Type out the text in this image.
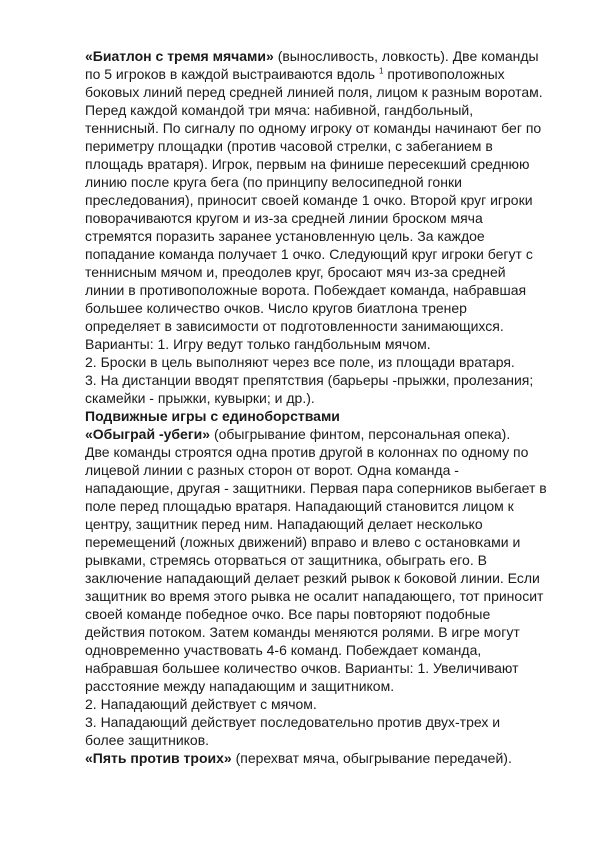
«Биатлон с тремя мячами» (выносливость, ловкость). Две команды
по 5 игроков в каждой выстраиваются вдоль $^1$ противоположных
боковых линий перед средней линией поля, лицом к разным воротам.
Перед каждой командой три мяча: набивной, гандбольный,
теннисный. По сигналу по одному игроку от команды начинают бег по
периметру площадки (против часовой стрелки, с забеганием в
площадь вратаря). Игрок, первым на финише пересекший среднюю
линию после круга бега (по принципу велосипедной гонки
преследования), приносит своей команде 1 очко. Второй круг игроки
поворачиваются кругом и из-за средней линии броском мяча
стремятся поразить заранее установленную цель. За каждое
попадание команда получает 1 очко. Следующий круг игроки бегут с
теннисным мячом и, преодолев круг, бросают мяч из-за средней
линии в противоположные ворота. Побеждает команда, набравшая
большее количество очков. Число кругов биатлона тренер
определяет в зависимости от подготовленности занимающихся.
Варианты: 1. Игру ведут только гандбольным мячом.

2. Броски в цель выполняют через все поле, из площади вратаря.

3. На дистанции вводят препятствия (барьеры -прыжки, пролезания;
скамейки - прыжки, кувырки; и др.).

Подвижные игры с единоборствами

«Обыграй -убеги» (обыгрывание финтом, персональная опека).

Две команды строятся одна против другой в колоннах по одному по
лицевой линии с разных сторон от ворот. Одна команда -
нападающие, другая - защитники. Первая пара соперников выбегает в
поле перед площадью вратаря. Нападающий становится лицом к
центру, защитник перед ним. Нападающий делает несколько
перемещений (ложных движений) вправо и влево с остановками и
рывками, стремясь оторваться от защитника, обыграть его. В
заключение нападающий делает резкий рывок к боковой линии. Если
защитник во время этого рывка не осалит нападающего, тот приносит
своей команде победное очко. Все пары повторяют подобные
действия потоком. Затем команды меняются ролями. В игре могут
одновременно участвовать 4-6 команд. Побеждает команда,
набравшая большее количество очков. Варианты: 1. Увеличивают
расстояние между нападающим и защитником.

2. Нападающий действует с мячом.

3. Нападающий действует последовательно против двух-трех и
более защитников.

«Пять против троих» (перехват мяча, обыгрывание передачей).
